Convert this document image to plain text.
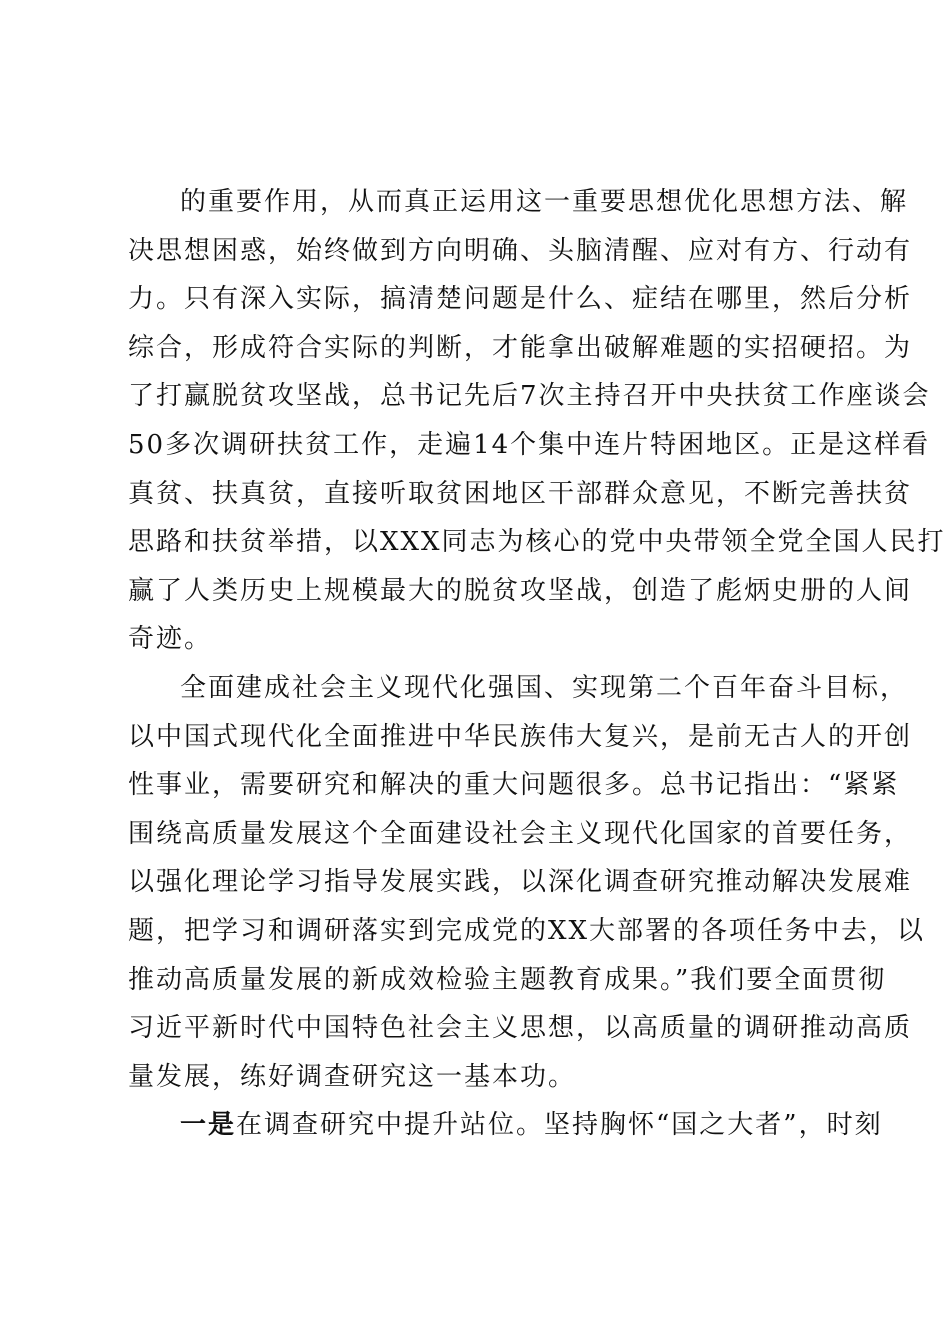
的重要作用，从而真正运用这一重要思想优化思想方法、解
决思想困惑，始终做到方向明确、头脑清醒、应对有方、行动有
力。只有深入实际，搞清楚问题是什么、症结在哪里，然后分析
综合，形成符合实际的判断，才能拿出破解难题的实招硬招。为
了打赢脱贫攻坚战，总书记先后7次主持召开中央扶贫工作座谈会
50多次调研扶贫工作，走遍14个集中连片特困地区。正是这样看
真贫、扶真贫，直接听取贫困地区干部群众意见，不断完善扶贫
思路和扶贫举措，以XXX同志为核心的党中央带领全党全国人民打
赢了人类历史上规模最大的脱贫攻坚战，创造了彪炳史册的人间
奇迹。
全面建成社会主义现代化强国、实现第二个百年奋斗目标，
以中国式现代化全面推进中华民族伟大复兴，是前无古人的开创
性事业，需要研究和解决的重大问题很多。总书记指出：“紧紧
围绕高质量发展这个全面建设社会主义现代化国家的首要任务，
以强化理论学习指导发展实践，以深化调查研究推动解决发展难
题，把学习和调研落实到完成党的XX大部署的各项任务中去，以
推动高质量发展的新成效检验主题教育成果。”我们要全面贯彻
习近平新时代中国特色社会主义思想，以高质量的调研推动高质
量发展，练好调查研究这一基本功。
一是在调查研究中提升站位。坚持胸怀“国之大者”，时刻
